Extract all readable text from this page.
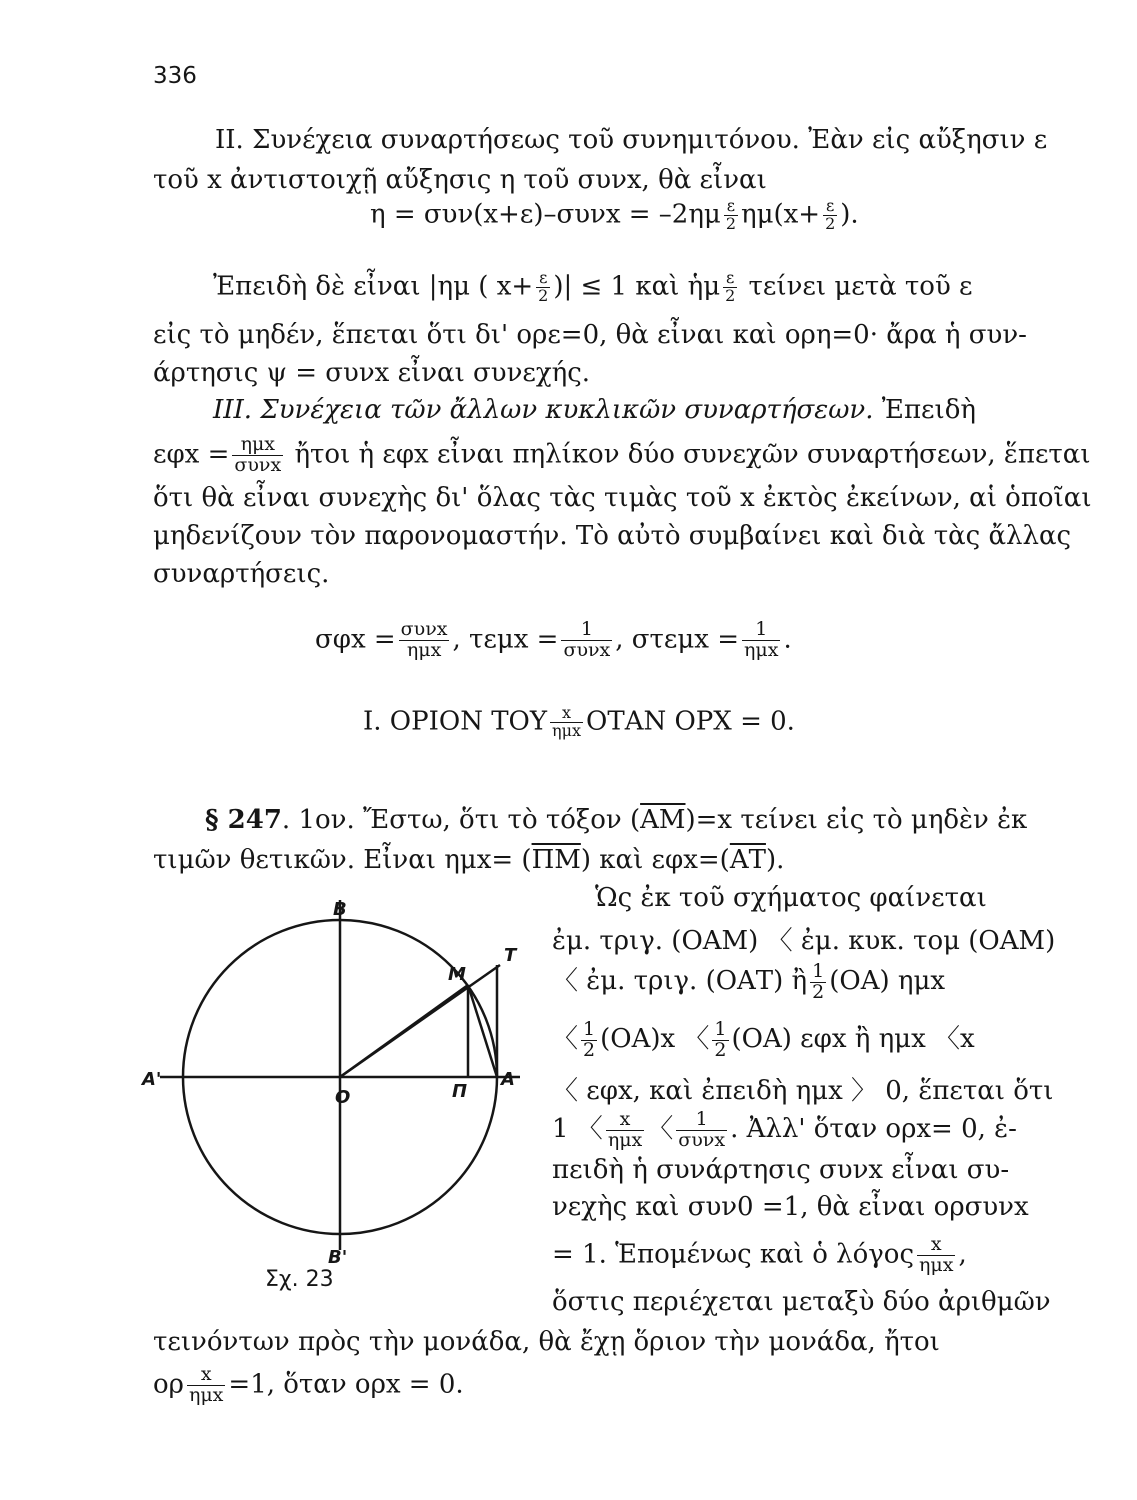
336
ΙΙ. Συνέχεια συναρτήσεως τοῦ συνημιτόνου. Ἐὰν εἰς αὔξησιν ε
τοῦ x ἀντιστοιχῇ αὔξησις η τοῦ συνx, θὰ εἶναι
$\eta = \sigma\upsilon\nu(x+\varepsilon)-\sigma\upsilon\nu x = -2\eta\mu \frac{\varepsilon}{2} \eta\mu(x+ \frac{\varepsilon}{2}$ ).
Ἐπειδὴ δὲ εἶναι |ημ ( $x+ \frac{\varepsilon}{2}$ )| ≤ 1 καὶ ἡμ $\frac{\varepsilon}{2}$ τείνει μετὰ τοῦ ε
εἰς τὸ μηδέν, ἕπεται ὅτι δι' ορε=0, θὰ εἶναι καὶ ορη=0· ἄρα ἡ συν-
άρτησις ψ = συνx εἶναι συνεχής.
ΙΙΙ. Συνέχεια τῶν ἄλλων κυκλικῶν συναρτήσεων. Ἐπειδὴ
$\varepsilon\varphi x = \frac{\text{ημx}}{\text{συνx}}$ ἤτοι ἡ εφx εἶναι πηλίκον δύο συνεχῶν συναρτήσεων, ἕπεται
ὅτι θὰ εἶναι συνεχὴς δι' ὅλας τὰς τιμὰς τοῦ x ἐκτὸς ἐκείνων, αἱ ὁποῖαι
μηδενίζουν τὸν παρονομαστήν. Τὸ αὐτὸ συμβαίνει καὶ διὰ τὰς ἄλλας
συναρτήσεις.
$\sigma\varphi x = \frac{\text{συνx}}{\text{ημx}}$ , $\tau\varepsilon\mu x = \frac{1}{\text{συνx}}$ , $\sigma\tau\varepsilon\mu x = \frac{1}{\text{ημx}}$ .
Ι. ΟΡΙΟΝ ΤΟΥ $\frac{x}{\text{ημx}}$ ΟΤΑΝ ΟΡΧ = 0.
§ 247. 1ον. Ἔστω, ὅτι τὸ τόξον $(\overline{AM})=x$ τείνει εἰς τὸ μηδὲν ἐκ
τιμῶν θετικῶν. Εἶναι $\eta\mu x= (\overline{\Pi M})$ καὶ $\varepsilon\varphi x=(\overline{AT})$.
Ὡς ἐκ τοῦ σχήματος φαίνεται
ἐμ. τριγ. (ΟΑΜ) 〈 ἐμ. κυκ. τομ (ΟΑΜ)
〈 ἐμ. τριγ. (ΟΑΤ) ἢ $\frac{1}{2} (OA)$ ημx
〈 $\frac{1}{2} (OA)x$ 〈 $\frac{1}{2} (OA)$ εφx ἢ ημx 〈x
〈 εφx, καὶ ἐπειδὴ ημx 〉 0, ἕπεται ὅτι
1 〈 $\frac{x}{\text{ημx}}$ 〈 $\frac{1}{\text{συνx}}$ . Ἀλλ' ὅταν ορx= 0, ἐ-
πειδὴ ἡ συνάρτησις συνx εἶναι συ-
νεχὴς καὶ συν0 =1, θὰ εἶναι ορσυνx
= 1. Ἑπομένως καὶ ὁ λόγος $\frac{x}{\text{ημx}}$ ,
ὅστις περιέχεται μεταξὺ δύο ἀριθμῶν
τεινόντων πρὸς τὴν μονάδα, θὰ ἔχῃ ὅριον τὴν μονάδα, ἤτοι
ορ $\frac{x}{\text{ημx}} =1$, ὅταν ορx = 0.
Β
Β'
Α'	Α
Ο	Π
Μ
Τ
Σχ. 23
